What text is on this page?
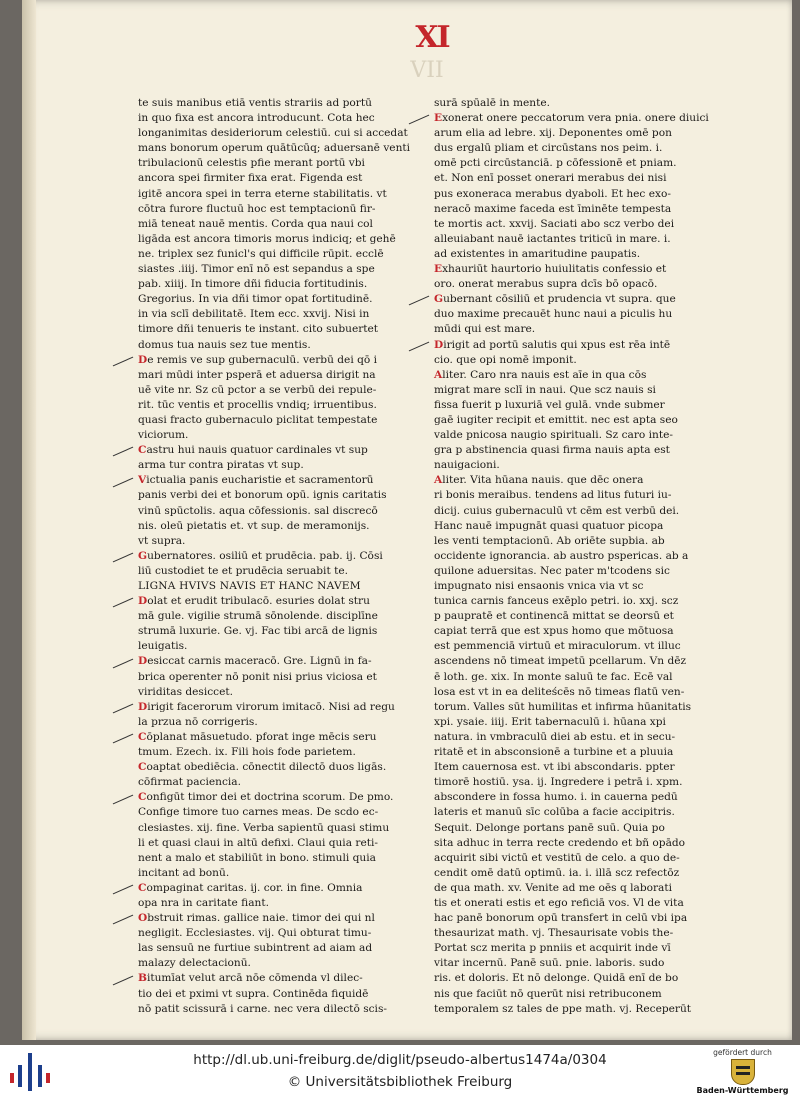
XI
VII
te suis manibus etiā ventis strariis ad portū
in quo fixa est ancora introducunt. Cota hec
longanimitas desideriorum celestiū. cui si accedat
mans bonorum operum quātūcūq; aduersanē venti
tribulacionū celestis pfie merant portū vbi
ancora spei firmiter fixa erat. Figenda est
igitē ancora spei in terra eterne stabilitatis. vt
cōtra furore fluctuū hoc est temptacionū fir-
miā teneat nauē mentis. Corda qua naui col
ligāda est ancora timoris morus indiciq; et gehē
ne. triplex sez funicl's qui difficile rūpit. ecclē
siastes .iiij. Timor enī nō est sepandus a spe
pab. xiiij. In timore dñi fiducia fortitudinis.
Gregorius. In via dñi timor opat fortitudinē.
in via sclī debilitatē. Item ecc. xxvij. Nisi in
timore dñi tenueris te instant. cito subuertet
domus tua nauis sez tue mentis.
De remis ve sup gubernaculū. verbū dei qō i
mari mūdi inter psperā et aduersa dirigit na
uē vite nr. Sz cū pctor a se verbū dei repule-
rit. tūc ventis et procellis vndiq; irruentibus.
quasi fracto gubernaculo piclitat tempestate
viciorum.
Castru hui nauis quatuor cardinales vt sup
arma tur contra piratas vt sup.
Victualia panis eucharistie et sacramentorū
panis verbi dei et bonorum opū. ignis caritatis
vinū spūctolis. aqua cōfessionis. sal discrecō
nis. oleū pietatis et. vt sup. de meramonijs.
vt supra.
Gubernatores. osiliū et prudēcia. pab. ij. Cōsi
liū custodiet te et prudēcia seruabit te.
LIGNA HVIVS NAVIS ET HANC NAVEM
Dolat et erudit tribulacō. esuries dolat stru
mā gule. vigilie strumā sōnolende. disciplīne
strumā luxurie. Ge. vj. Fac tibi arcā de lignis
leuigatis.
Desiccat carnis maceracō. Gre. Lignū in fa-
brica operenter nō ponit nisi prius viciosa et
viriditas desiccet.
Dirigit facerorum virorum imitacō. Nisi ad regu
la przua nō corrigeris.
Cōplanat māsuetudo. pforat inge mēcis seru
tmum. Ezech. ix. Fili hois fode parietem.
Coaptat obediēcia. cōnectit dilectō duos ligās.
cōfirmat paciencia.
Configūt timor dei et doctrina scorum. De pmo.
Confige timore tuo carnes meas. De scdo ec-
clesiastes. xij. fine. Verba sapientū quasi stimu
li et quasi claui in altū defixi. Claui quia reti-
nent a malo et stabiliūt in bono. stimuli quia
incitant ad bonū.
Compaginat caritas. ij. cor. in fine. Omnia
opa nra in caritate fiant.
Obstruit rimas. gallice naie. timor dei qui nl
negligit. Ecclesiastes. vij. Qui obturat timu-
las sensuū ne furtiue subintrent ad aiam ad
malazy delectacionū.
Bitumīat velut arcā nōe cōmenda vl dilec-
tio dei et pximi vt supra. Continēda fiquidē
nō patit scissurā i carne. nec vera dilectō scis-
surā spūalē in mente.
Exonerat onere peccatorum vera pnia. onere diuici
arum elia ad lebre. xij. Deponentes omē pon
dus ergalū pliam et circūstans nos peim. i.
omē pcti circūstanciā. p cōfessionē et pniam.
et. Non enī posset onerari merabus dei nisi
pus exoneraca merabus dyaboli. Et hec exo-
neracō maxime faceda est īminēte tempesta
te mortis act. xxvij. Saciati abo scz verbo dei
alleuiabant nauē iactantes triticū in mare. i.
ad existentes in amaritudine paupatis.
Exhauriūt haurtorio huiulitatis confessio et
oro. onerat merabus supra dcīs bō opacō.
Gubernant cōsiliū et prudencia vt supra. que
duo maxime precauēt hunc naui a piculis hu
mūdi qui est mare.
Dirigit ad portū salutis qui xpus est rēa intē
cio. que opi nomē imponit.
Aliter. Caro nra nauis est aīe in qua cōs
migrat mare sclī in naui. Que scz nauis si
fissa fuerit p luxuriā vel gulā. vnde submer
gaē iugiter recipit et emittit. nec est apta seo
valde pnicosa naugio spirituali. Sz caro inte-
gra p abstinencia quasi firma nauis apta est
nauigacioni.
Aliter. Vita hūana nauis. que dēc onera
ri bonis meraibus. tendens ad litus futuri iu-
dicij. cuius gubernaculū vt cēm est verbū dei.
Hanc nauē impugnāt quasi quatuor picopa
les venti temptacionū. Ab oriēte supbia. ab
occidente ignorancia. ab austro pspericas. ab a
quilone aduersitas. Nec pater m'tcodens sic
impugnato nisi ensaonis vnica via vt sc
tunica carnis fanceus exēplo petri. io. xxj. scz
p paupratē et continencā mittat se deorsū et
capiat terrā que est xpus homo que mōtuosa
est pemmenciā virtuū et miraculorum. vt illuc
ascendens nō timeat impetū pcellarum. Vn dēz
ē loth. ge. xix. In monte saluū te fac. Ecē val
losa est vt in ea deliteścēs nō timeas flatū ven-
torum. Valles sūt humilitas et infirma hūanitatis
xpi. ysaie. iiij. Erit tabernaculū i. hūana xpi
natura. in vmbraculū diei ab estu. et in secu-
ritatē et in absconsionē a turbine et a pluuia
Item cauernosa est. vt ibi abscondaris. ppter
timorē hostiū. ysa. ij. Ingredere i petrā i. xpm.
abscondere in fossa humo. i. in cauerna pedū
lateris et manuū sīc colūba a facie accipitris.
Sequit. Delonge portans panē suū. Quia po
sita adhuc in terra recte credendo et bñ opādo
acquirit sibi victū et vestitū de celo. a quo de-
cendit omē datū optimū. ia. i. illā scz refectōz
de qua math. xv. Venite ad me oēs q laborati
tis et onerati estis et ego reficiā vos. Vl de vita
hac panē bonorum opū transfert in celū vbi ipa
thesaurizat math. vj. Thesaurisate vobis the-
Portat scz merita p pnniis et acquirit inde vī
vitar incernū. Panē suū. pnie. laboris. sudo
ris. et doloris. Et nō delonge. Quidā enī de bo
nis que faciūt nō querūt nisi retribuconem
temporalem sz tales de ppe math. vj. Receperūt
http://dl.ub.uni-freiburg.de/diglit/pseudo-albertus1474a/0304
© Universitätsbibliothek Freiburg
gefördert durch
Baden-Württemberg
